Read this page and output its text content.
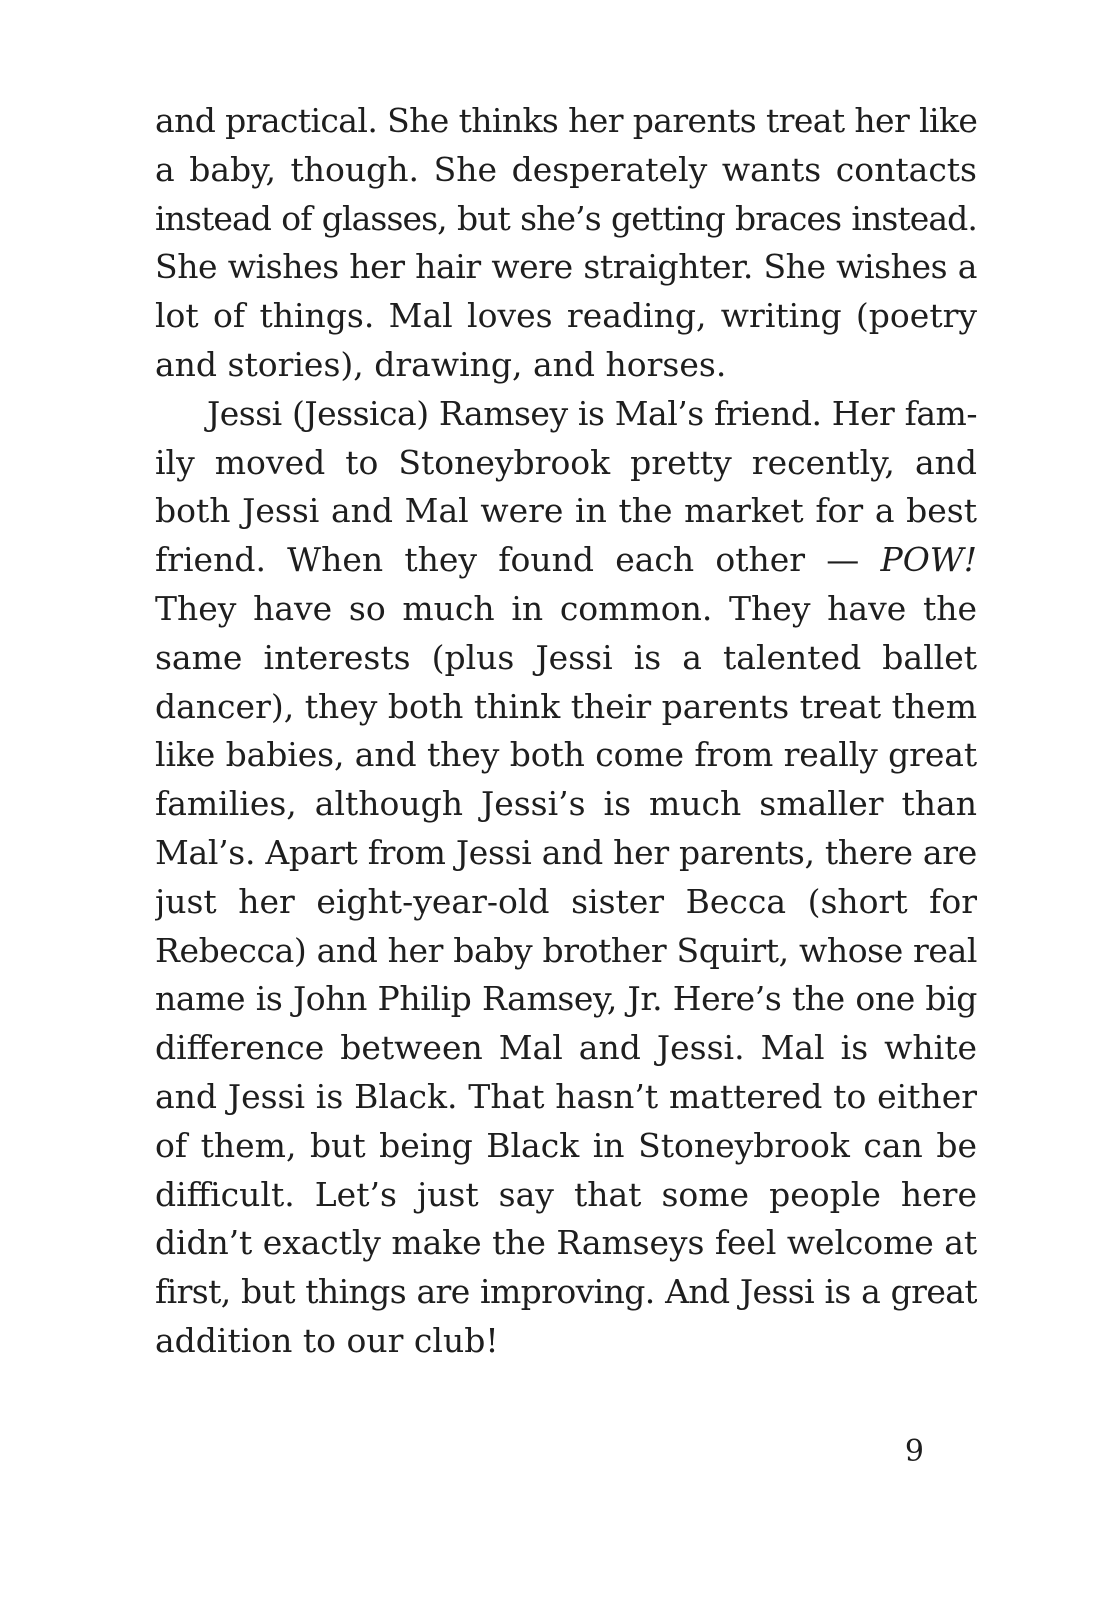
and practical. She thinks her parents treat her like
a baby, though. She desperately wants contacts
instead of glasses, but she’s getting braces instead.
She wishes her hair were straighter. She wishes a
lot of things. Mal loves reading, writing (poetry
and stories), drawing, and horses.
Jessi (Jessica) Ramsey is Mal’s friend. Her fam-
ily moved to Stoneybrook pretty recently, and
both Jessi and Mal were in the market for a best
friend. When they found each other — POW!
They have so much in common. They have the
same interests (plus Jessi is a talented ballet
dancer), they both think their parents treat them
like babies, and they both come from really great
families, although Jessi’s is much smaller than
Mal’s. Apart from Jessi and her parents, there are
just her eight-year-old sister Becca (short for
Rebecca) and her baby brother Squirt, whose real
name is John Philip Ramsey, Jr. Here’s the one big
difference between Mal and Jessi. Mal is white
and Jessi is Black. That hasn’t mattered to either
of them, but being Black in Stoneybrook can be
difficult. Let’s just say that some people here
didn’t exactly make the Ramseys feel welcome at
first, but things are improving. And Jessi is a great
addition to our club!
9
